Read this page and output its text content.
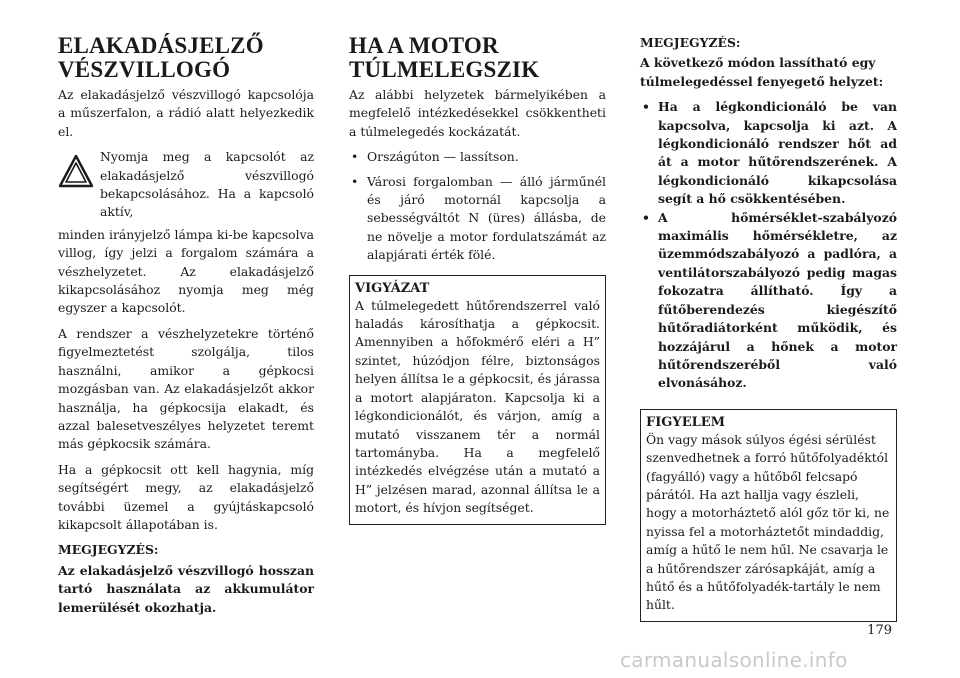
ELAKADÁSJELZŐ
VÉSZVILLOGÓ

Az elakadásjelző vészvillogó kapcsolója a műszerfalon, a rádió alatt helyezkedik el.

Nyomja meg a kapcsolót az elakadásjelző vészvillogó bekapcsolásához. Ha a kapcsoló aktív,

minden irányjelző lámpa ki-be kapcsolva villog, így jelzi a forgalom számára a vészhelyzetet. Az elakadásjelző kikapcsolásához nyomja meg még egyszer a kapcsolót.

A rendszer a vészhelyzetekre történő figyelmeztetést szolgálja, tilos használni, amikor a gépkocsi mozgásban van. Az elakadásjelzőt akkor használja, ha gépkocsija elakadt, és azzal balesetveszélyes helyzetet teremt más gépkocsik számára.

Ha a gépkocsit ott kell hagynia, míg segítségért megy, az elakadásjelző további üzemel a gyújtáskapcsoló kikapcsolt állapotában is.

MEGJEGYZÉS:

Az elakadásjelző vészvillogó hosszan tartó használata az akkumulátor lemerülését okozhatja.

HA A MOTOR
TÚLMELEGSZIK

Az alábbi helyzetek bármelyikében a megfelelő intézkedésekkel csökkentheti a túlmelegedés kockázatát.

• Országúton — lassítson.
• Városi forgalomban — álló járműnél és járó motornál kapcsolja a sebességváltót N (üres) állásba, de ne növelje a motor fordulatszámát az alapjárati érték fölé.
VIGYÁZAT
A túlmelegedett hűtőrendszerrel való haladás károsíthatja a gépkocsit. Amennyiben a hőfokmérő eléri a H” szintet, húzódjon félre, biztonságos helyen állítsa le a gépkocsit, és járassa a motort alapjáraton. Kapcsolja ki a légkondicionálót, és várjon, amíg a mutató visszanem tér a normál tartományba. Ha a megfelelő intézkedés elvégzése után a mutató a H” jelzésen marad, azonnal állítsa le a motort, és hívjon segítséget.
MEGJEGYZÉS:

A következő módon lassítható egy túlmelegedéssel fenyegető helyzet:

• Ha a légkondicionáló be van kapcsolva, kapcsolja ki azt. A légkondicionáló rendszer hőt ad át a motor hűtőrendszerének. A légkondicionáló kikapcsolása segít a hő csökkentésében.
• A hőmérséklet-szabályozó maximális hőmérsékletre, az üzemmódszabályozó a padlóra, a ventilátorszabályozó pedig magas fokozatra állítható. Így a fűtőberendezés kiegészítő hűtőradiátorként működik, és hozzájárul a hőnek a motor hűtőrendszeréből való elvonásához.
FIGYELEM
Ön vagy mások súlyos égési sérülést szenvedhetnek a forró hűtőfolyadéktól (fagyálló) vagy a hűtőből felcsapó párától. Ha azt hallja vagy észleli, hogy a motorháztető alól gőz tör ki, ne nyissa fel a motorháztetőt mindaddig, amíg a hűtő le nem hűl. Ne csavarja le a hűtőrendszer zárósapkáját, amíg a hűtő és a hűtőfolyadék-tartály le nem hűlt.
179
carmanualsonline.info
